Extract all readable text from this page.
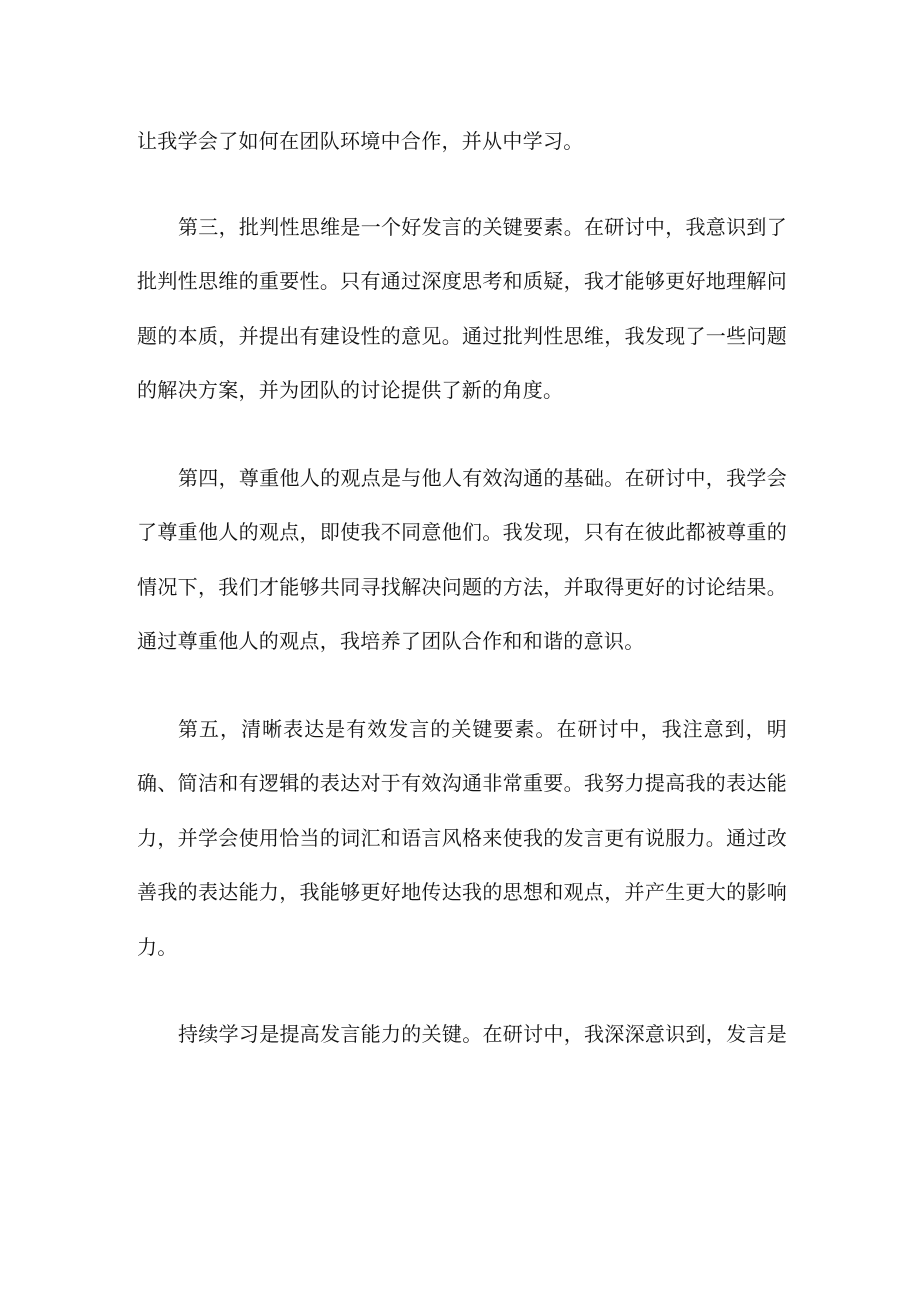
让我学会了如何在团队环境中合作，并从中学习。

第三，批判性思维是一个好发言的关键要素。在研讨中，我意识到了批判性思维的重要性。只有通过深度思考和质疑，我才能够更好地理解问题的本质，并提出有建设性的意见。通过批判性思维，我发现了一些问题的解决方案，并为团队的讨论提供了新的角度。

第四，尊重他人的观点是与他人有效沟通的基础。在研讨中，我学会了尊重他人的观点，即使我不同意他们。我发现，只有在彼此都被尊重的情况下，我们才能够共同寻找解决问题的方法，并取得更好的讨论结果。通过尊重他人的观点，我培养了团队合作和和谐的意识。

第五，清晰表达是有效发言的关键要素。在研讨中，我注意到，明确、简洁和有逻辑的表达对于有效沟通非常重要。我努力提高我的表达能力，并学会使用恰当的词汇和语言风格来使我的发言更有说服力。通过改善我的表达能力，我能够更好地传达我的思想和观点，并产生更大的影响力。

持续学习是提高发言能力的关键。在研讨中，我深深意识到，发言是
